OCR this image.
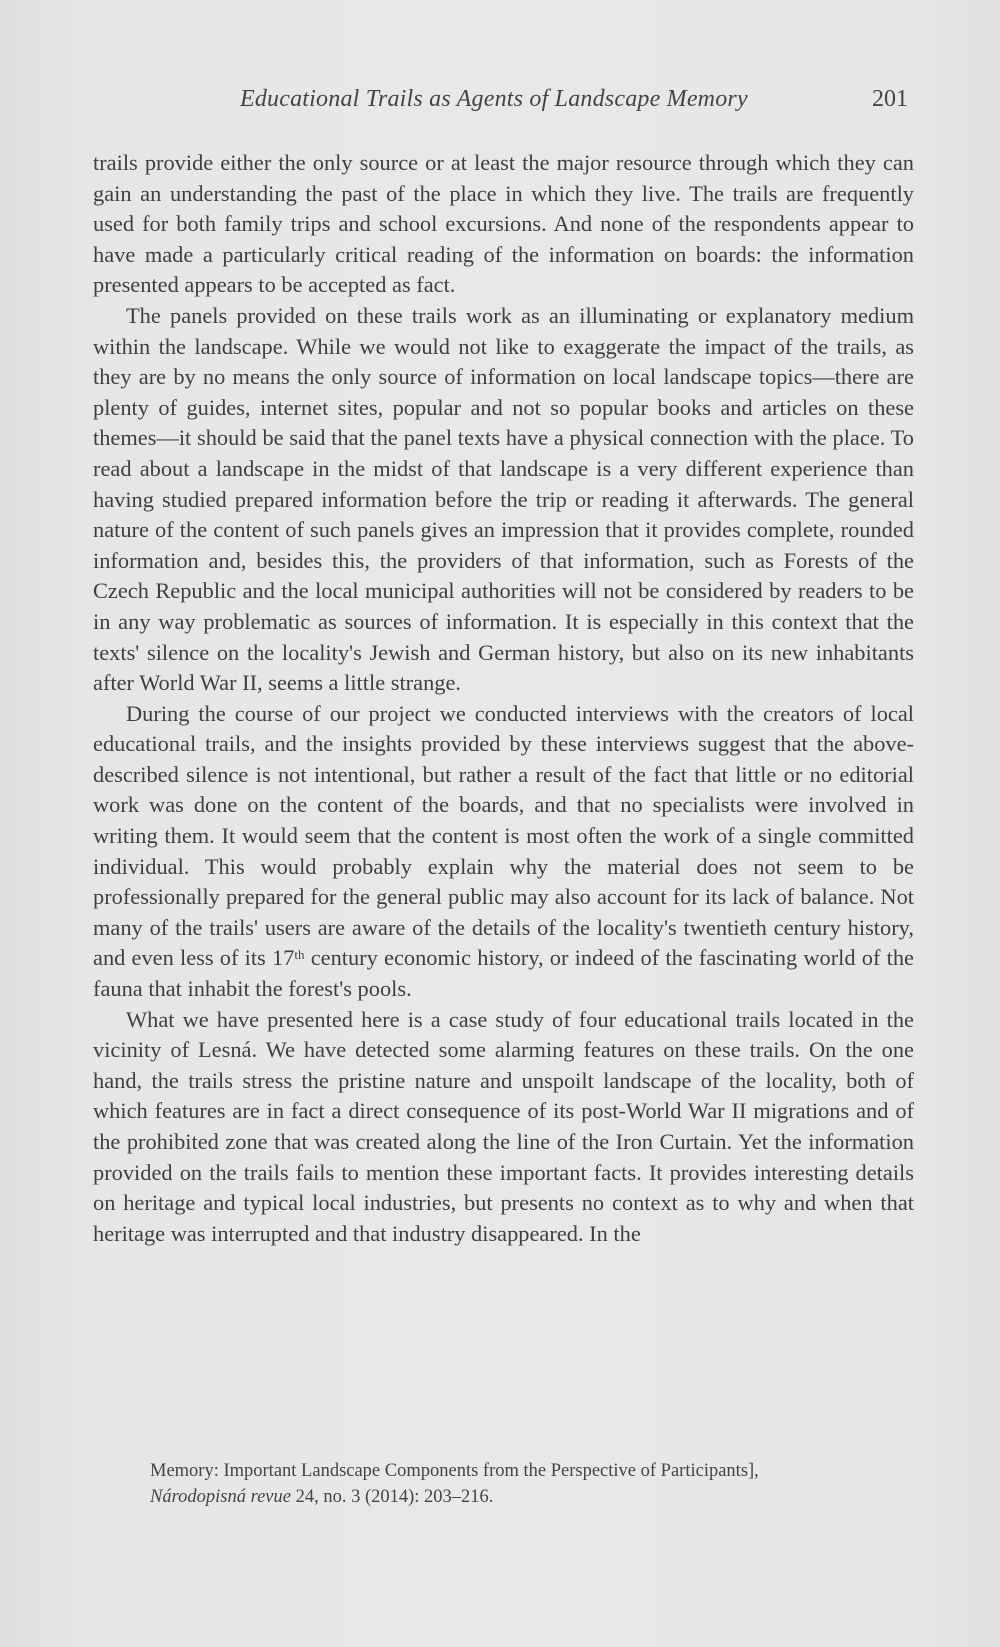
Educational Trails as Agents of Landscape Memory	201

trails provide either the only source or at least the major resource through which they can gain an understanding the past of the place in which they live. The trails are frequently used for both family trips and school excursions. And none of the respondents appear to have made a particularly critical reading of the information on boards: the information presented appears to be accepted as fact.

The panels provided on these trails work as an illuminating or explanatory medium within the landscape. While we would not like to exaggerate the impact of the trails, as they are by no means the only source of information on local landscape topics—there are plenty of guides, internet sites, popular and not so popular books and articles on these themes—it should be said that the panel texts have a physical connection with the place. To read about a landscape in the midst of that landscape is a very different experience than having studied prepared information before the trip or reading it afterwards. The general nature of the content of such panels gives an impression that it provides complete, rounded information and, besides this, the providers of that information, such as Forests of the Czech Republic and the local municipal authorities will not be considered by readers to be in any way problematic as sources of information. It is especially in this context that the texts' silence on the locality's Jewish and German history, but also on its new inhabitants after World War II, seems a little strange.

During the course of our project we conducted interviews with the creators of local educational trails, and the insights provided by these interviews suggest that the above-described silence is not intentional, but rather a result of the fact that little or no editorial work was done on the content of the boards, and that no specialists were involved in writing them. It would seem that the content is most often the work of a single committed individual. This would probably explain why the material does not seem to be professionally prepared for the general public may also account for its lack of balance. Not many of the trails' users are aware of the details of the locality's twentieth century history, and even less of its 17th century economic history, or indeed of the fascinating world of the fauna that inhabit the forest's pools.

What we have presented here is a case study of four educational trails located in the vicinity of Lesná. We have detected some alarming features on these trails. On the one hand, the trails stress the pristine nature and unspoilt landscape of the locality, both of which features are in fact a direct consequence of its post-World War II migrations and of the prohibited zone that was created along the line of the Iron Curtain. Yet the information provided on the trails fails to mention these important facts. It provides interesting details on heritage and typical local industries, but presents no context as to why and when that heritage was interrupted and that industry disappeared. In the

Memory: Important Landscape Components from the Perspective of Participants],
Národopisná revue 24, no. 3 (2014): 203–216.
